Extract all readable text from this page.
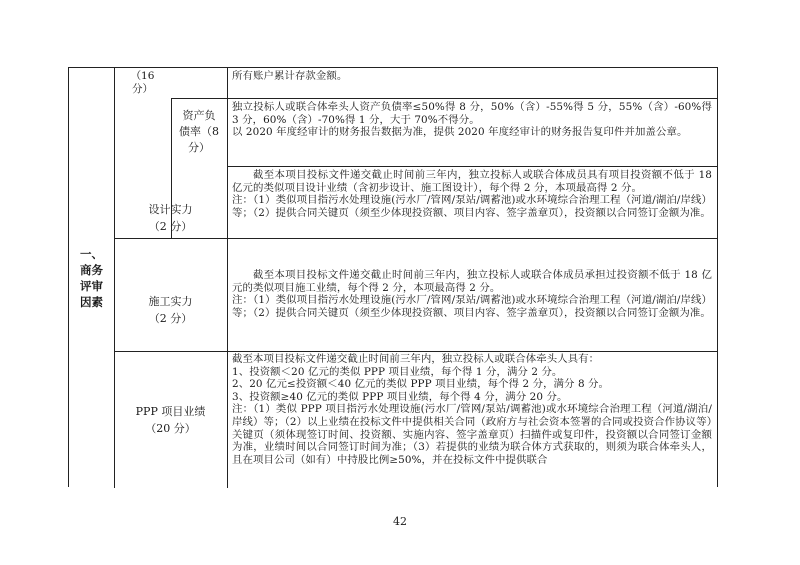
一、商务评审因素
（16
分）

所有账户累计存款金额。

资产负
债率（8
分）

独立投标人或联合体牵头人资产负债率≤50%得 8 分，50%（含）-55%得 5 分，55%（含）-60%得 3 分，60%（含）-70%得 1 分，大于 70%不得分。

以 2020 年度经审计的财务报告数据为准，提供 2020 年度经审计的财务报告复印件并加盖公章。

设计实力
（2 分）

截至本项目投标文件递交截止时间前三年内，独立投标人或联合体成员具有项目投资额不低于 18 亿元的类似项目设计业绩（含初步设计、施工图设计），每个得 2 分，本项最高得 2 分。

注：（1）类似项目指污水处理设施(污水厂/管网/泵站/调蓄池)或水环境综合治理工程（河道/湖泊/岸线）等；（2）提供合同关键页（须至少体现投资额、项目内容、签字盖章页），投资额以合同签订金额为准。

施工实力
（2 分）

截至本项目投标文件递交截止时间前三年内，独立投标人或联合体成员承担过投资额不低于 18 亿元的类似项目施工业绩，每个得 2 分，本项最高得 2 分。

注：（1）类似项目指污水处理设施(污水厂/管网/泵站/调蓄池)或水环境综合治理工程（河道/湖泊/岸线）等；（2）提供合同关键页（须至少体现投资额、项目内容、签字盖章页），投资额以合同签订金额为准。

PPP 项目业绩
（20 分）

截至本项目投标文件递交截止时间前三年内，独立投标人或联合体牵头人具有：

1、投资额＜20 亿元的类似 PPP 项目业绩，每个得 1 分，满分 2 分。

2、20 亿元≤投资额＜40 亿元的类似 PPP 项目业绩，每个得 2 分，满分 8 分。

3、投资额≥40 亿元的类似 PPP 项目业绩，每个得 4 分，满分 20 分。

注：（1）类似 PPP 项目指污水处理设施(污水厂/管网/泵站/调蓄池)或水环境综合治理工程（河道/湖泊/岸线）等；（2）以上业绩在投标文件中提供相关合同（政府方与社会资本签署的合同或投资合作协议等）关键页（须体现签订时间、投资额、实施内容、签字盖章页）扫描件或复印件，投资额以合同签订金额为准，业绩时间以合同签订时间为准；（3）若提供的业绩为联合体方式获取的，则须为联合体牵头人，且在项目公司（如有）中持股比例≥50%，并在投标文件中提供联合

42
